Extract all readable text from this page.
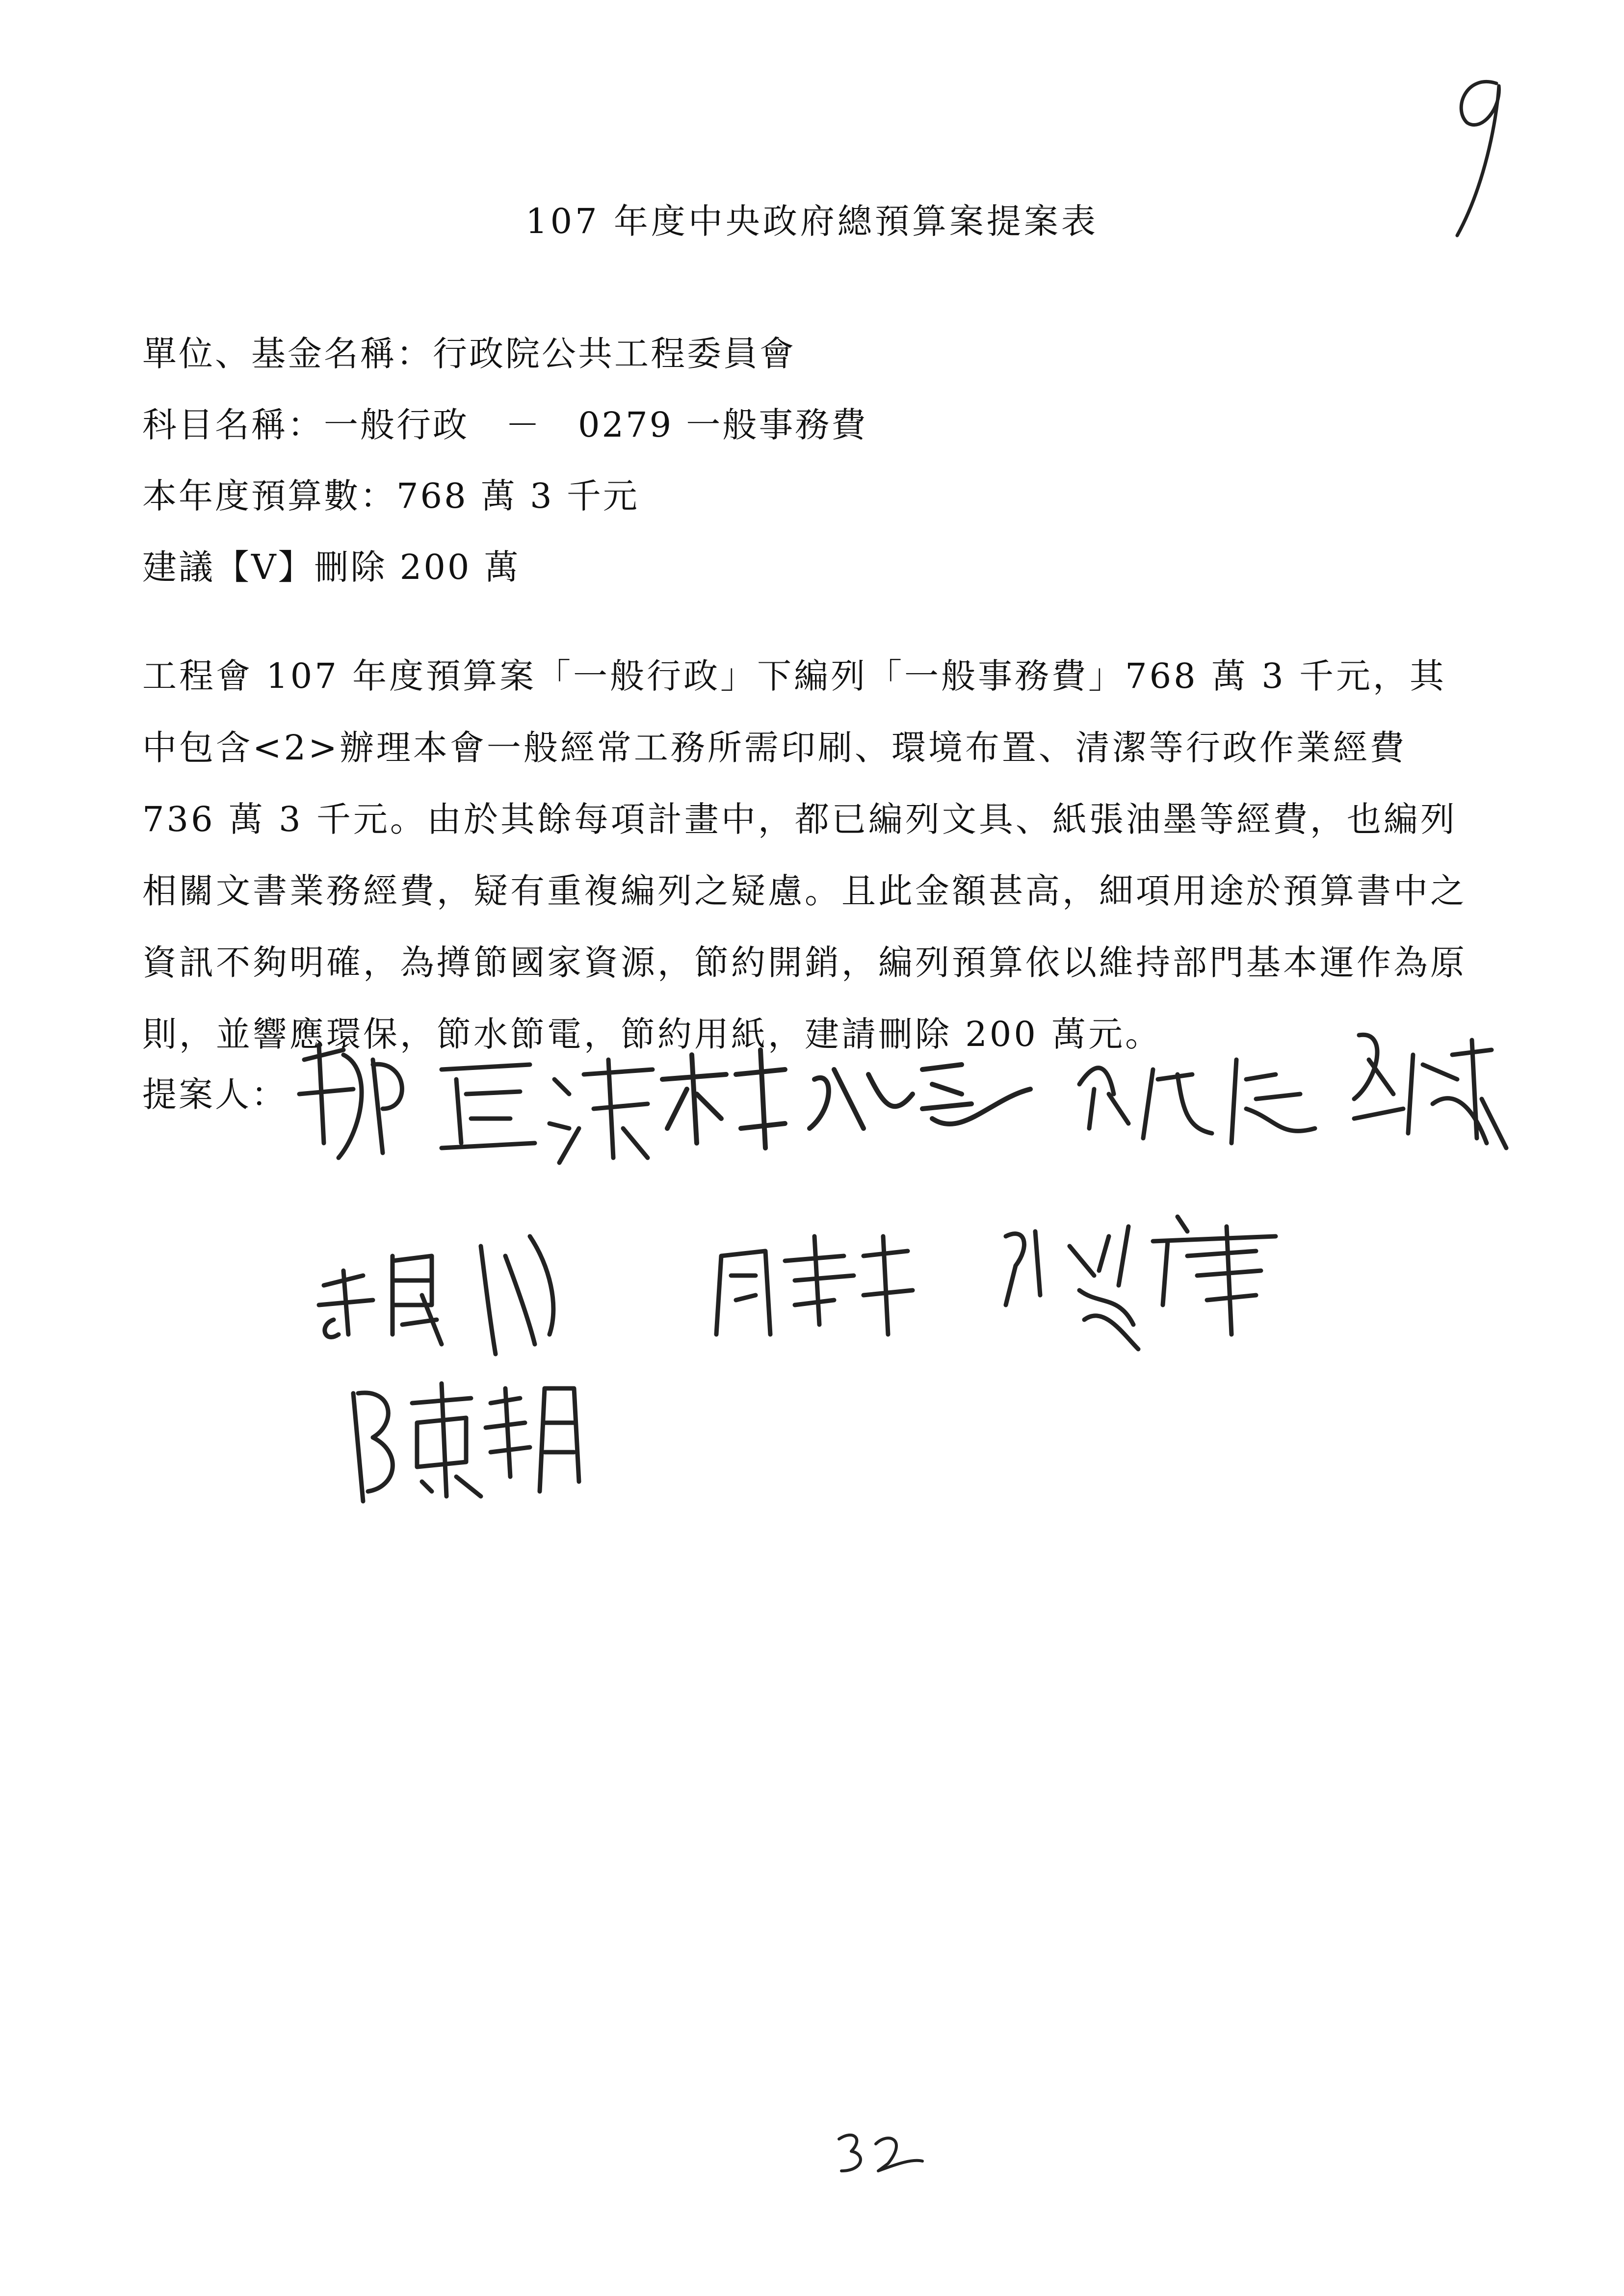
107 年度中央政府總預算案提案表
單位、基金名稱：行政院公共工程委員會
科目名稱：一般行政　－　0279 一般事務費
本年度預算數：768 萬 3 千元
建議【V】刪除 200 萬
工程會 107 年度預算案「一般行政」下編列「一般事務費」768 萬 3 千元，其中包含<2>辦理本會一般經常工務所需印刷、環境布置、清潔等行政作業經費 736 萬 3 千元。由於其餘每項計畫中，都已編列文具、紙張油墨等經費，也編列相關文書業務經費，疑有重複編列之疑慮。且此金額甚高，細項用途於預算書中之資訊不夠明確，為撙節國家資源，節約開銷，編列預算依以維持部門基本運作為原則，並響應環保，節水節電，節約用紙，建請刪除 200 萬元。
提案人：
